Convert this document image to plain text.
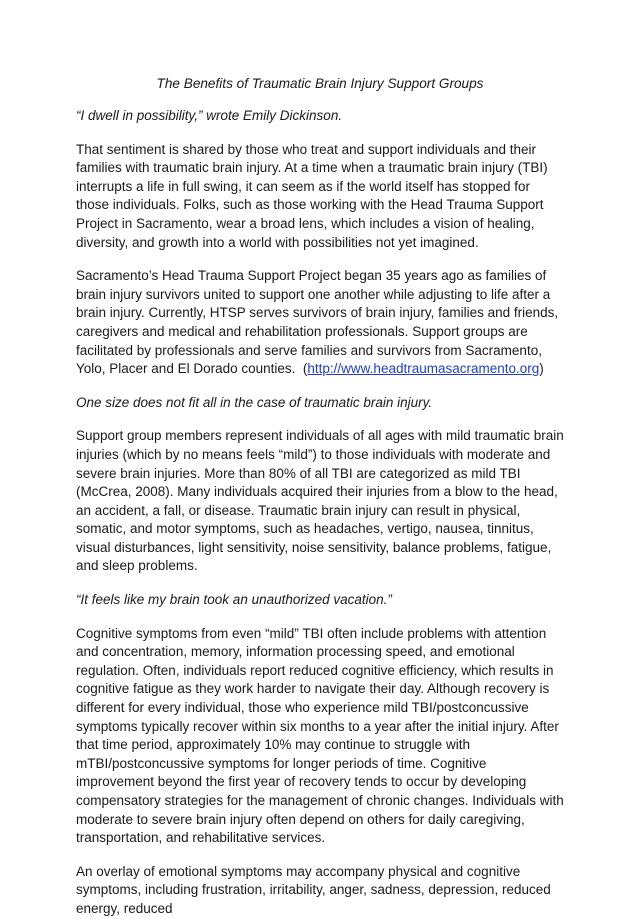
The Benefits of Traumatic Brain Injury Support Groups

“I dwell in possibility,” wrote Emily Dickinson.

That sentiment is shared by those who treat and support individuals and their families with traumatic brain injury. At a time when a traumatic brain injury (TBI) interrupts a life in full swing, it can seem as if the world itself has stopped for those individuals. Folks, such as those working with the Head Trauma Support Project in Sacramento, wear a broad lens, which includes a vision of healing, diversity, and growth into a world with possibilities not yet imagined.

Sacramento’s Head Trauma Support Project began 35 years ago as families of brain injury survivors united to support one another while adjusting to life after a brain injury. Currently, HTSP serves survivors of brain injury, families and friends, caregivers and medical and rehabilitation professionals. Support groups are facilitated by professionals and serve families and survivors from Sacramento, Yolo, Placer and El Dorado counties. (http://www.headtraumasacramento.org)

One size does not fit all in the case of traumatic brain injury.

Support group members represent individuals of all ages with mild traumatic brain injuries (which by no means feels “mild”) to those individuals with moderate and severe brain injuries. More than 80% of all TBI are categorized as mild TBI (McCrea, 2008). Many individuals acquired their injuries from a blow to the head, an accident, a fall, or disease. Traumatic brain injury can result in physical, somatic, and motor symptoms, such as headaches, vertigo, nausea, tinnitus, visual disturbances, light sensitivity, noise sensitivity, balance problems, fatigue, and sleep problems.

“It feels like my brain took an unauthorized vacation.”

Cognitive symptoms from even “mild” TBI often include problems with attention and concentration, memory, information processing speed, and emotional regulation. Often, individuals report reduced cognitive efficiency, which results in cognitive fatigue as they work harder to navigate their day. Although recovery is different for every individual, those who experience mild TBI/postconcussive symptoms typically recover within six months to a year after the initial injury. After that time period, approximately 10% may continue to struggle with mTBI/postconcussive symptoms for longer periods of time. Cognitive improvement beyond the first year of recovery tends to occur by developing compensatory strategies for the management of chronic changes. Individuals with moderate to severe brain injury often depend on others for daily caregiving, transportation, and rehabilitative services.

An overlay of emotional symptoms may accompany physical and cognitive symptoms, including frustration, irritability, anger, sadness, depression, reduced energy, reduced
